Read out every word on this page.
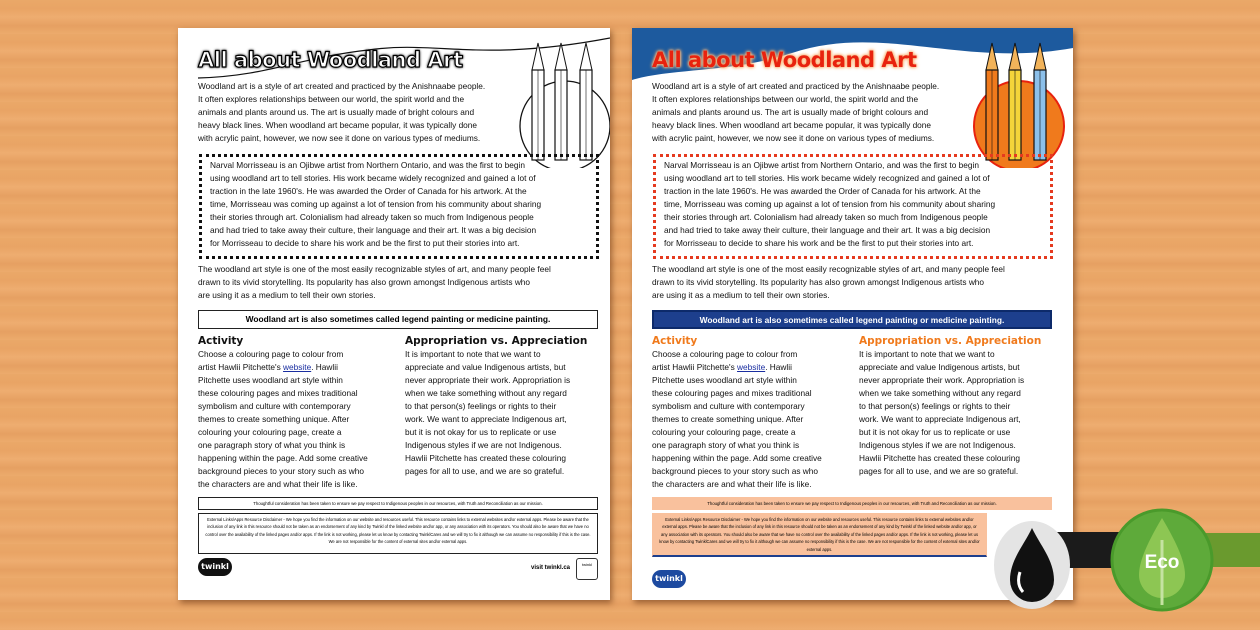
All about Woodland Art
Woodland art is a style of art created and practiced by the Anishnaabe people.
It often explores relationships between our world, the spirit world and the
animals and plants around us. The art is usually made of bright colours and
heavy black lines. When woodland art became popular, it was typically done
with acrylic paint, however, we now see it done on various types of mediums.
Narval Morrisseau is an Ojibwe artist from Northern Ontario, and was the first to begin
using woodland art to tell stories. His work became widely recognized and gained a lot of
traction in the late 1960's. He was awarded the Order of Canada for his artwork. At the
time, Morrisseau was coming up against a lot of tension from his community about sharing
their stories through art. Colonialism had already taken so much from Indigenous people
and had tried to take away their culture, their language and their art. It was a big decision
for Morrisseau to decide to share his work and be the first to put their stories into art.
The woodland art style is one of the most easily recognizable styles of art, and many people feel
drawn to its vivid storytelling. Its popularity has also grown amongst Indigenous artists who
are using it as a medium to tell their own stories.
Woodland art is also sometimes called legend painting or medicine painting.
Activity
Choose a colouring page to colour from
artist Hawlii Pitchette's website. Hawlii
Pitchette uses woodland art style within
these colouring pages and mixes traditional
symbolism and culture with contemporary
themes to create something unique. After
colouring your colouring page, create a
one paragraph story of what you think is
happening within the page. Add some creative
background pieces to your story such as who
the characters are and what their life is like.
Appropriation vs. Appreciation
It is important to note that we want to
appreciate and value Indigenous artists, but
never appropriate their work. Appropriation is
when we take something without any regard
to that person(s) feelings or rights to their
work. We want to appreciate Indigenous art,
but it is not okay for us to replicate or use
Indigenous styles if we are not Indigenous.
Hawlii Pitchette has created these colouring
pages for all to use, and we are so grateful.
Thoughtful consideration has been taken to ensure we pay respect to Indigenous peoples in our resources, with Truth and Reconciliation as our mission.
External Links/Apps Resource Disclaimer - We hope you find the information on our website and resources useful. This resource contains links to external websites and/or external apps. Please be aware that the inclusion of any link in this resource should not be taken as an endorsement of any kind by Twinkl of the linked website and/or app, or any association with its operators. You should also be aware that we have no control over the availability of the linked pages and/or apps. If the link is not working, please let us know by contacting TwinklCares and we will try to fix it although we can assume no responsibility if this is the case. We are not responsible for the content of external sites and/or external apps.
twinkl	visit twinkl.ca
twinkl
All about Woodland Art
Woodland art is a style of art created and practiced by the Anishnaabe people.
It often explores relationships between our world, the spirit world and the
animals and plants around us. The art is usually made of bright colours and
heavy black lines. When woodland art became popular, it was typically done
with acrylic paint, however, we now see it done on various types of mediums.
Narval Morrisseau is an Ojibwe artist from Northern Ontario, and was the first to begin
using woodland art to tell stories. His work became widely recognized and gained a lot of
traction in the late 1960's. He was awarded the Order of Canada for his artwork. At the
time, Morrisseau was coming up against a lot of tension from his community about sharing
their stories through art. Colonialism had already taken so much from Indigenous people
and had tried to take away their culture, their language and their art. It was a big decision
for Morrisseau to decide to share his work and be the first to put their stories into art.
The woodland art style is one of the most easily recognizable styles of art, and many people feel
drawn to its vivid storytelling. Its popularity has also grown amongst Indigenous artists who
are using it as a medium to tell their own stories.
Woodland art is also sometimes called legend painting or medicine painting.
Activity
Choose a colouring page to colour from
artist Hawlii Pitchette's website. Hawlii
Pitchette uses woodland art style within
these colouring pages and mixes traditional
symbolism and culture with contemporary
themes to create something unique. After
colouring your colouring page, create a
one paragraph story of what you think is
happening within the page. Add some creative
background pieces to your story such as who
the characters are and what their life is like.
Appropriation vs. Appreciation
It is important to note that we want to
appreciate and value Indigenous artists, but
never appropriate their work. Appropriation is
when we take something without any regard
to that person(s) feelings or rights to their
work. We want to appreciate Indigenous art,
but it is not okay for us to replicate or use
Indigenous styles if we are not Indigenous.
Hawlii Pitchette has created these colouring
pages for all to use, and we are so grateful.
Thoughtful consideration has been taken to ensure we pay respect to Indigenous peoples in our resources, with Truth and Reconciliation as our mission.
External Links/Apps Resource Disclaimer - We hope you find the information on our website and resources useful. This resource contains links to external websites and/or external apps. Please be aware that the inclusion of any link in this resource should not be taken as an endorsement of any kind by Twinkl of the linked website and/or app, or any association with its operators. You should also be aware that we have no control over the availability of the linked pages and/or apps. If the link is not working, please let us know by contacting TwinklCares and we will try to fix it although we can assume no responsibility if this is the case. We are not responsible for the content of external sites and/or external apps.
twinkl
Eco
